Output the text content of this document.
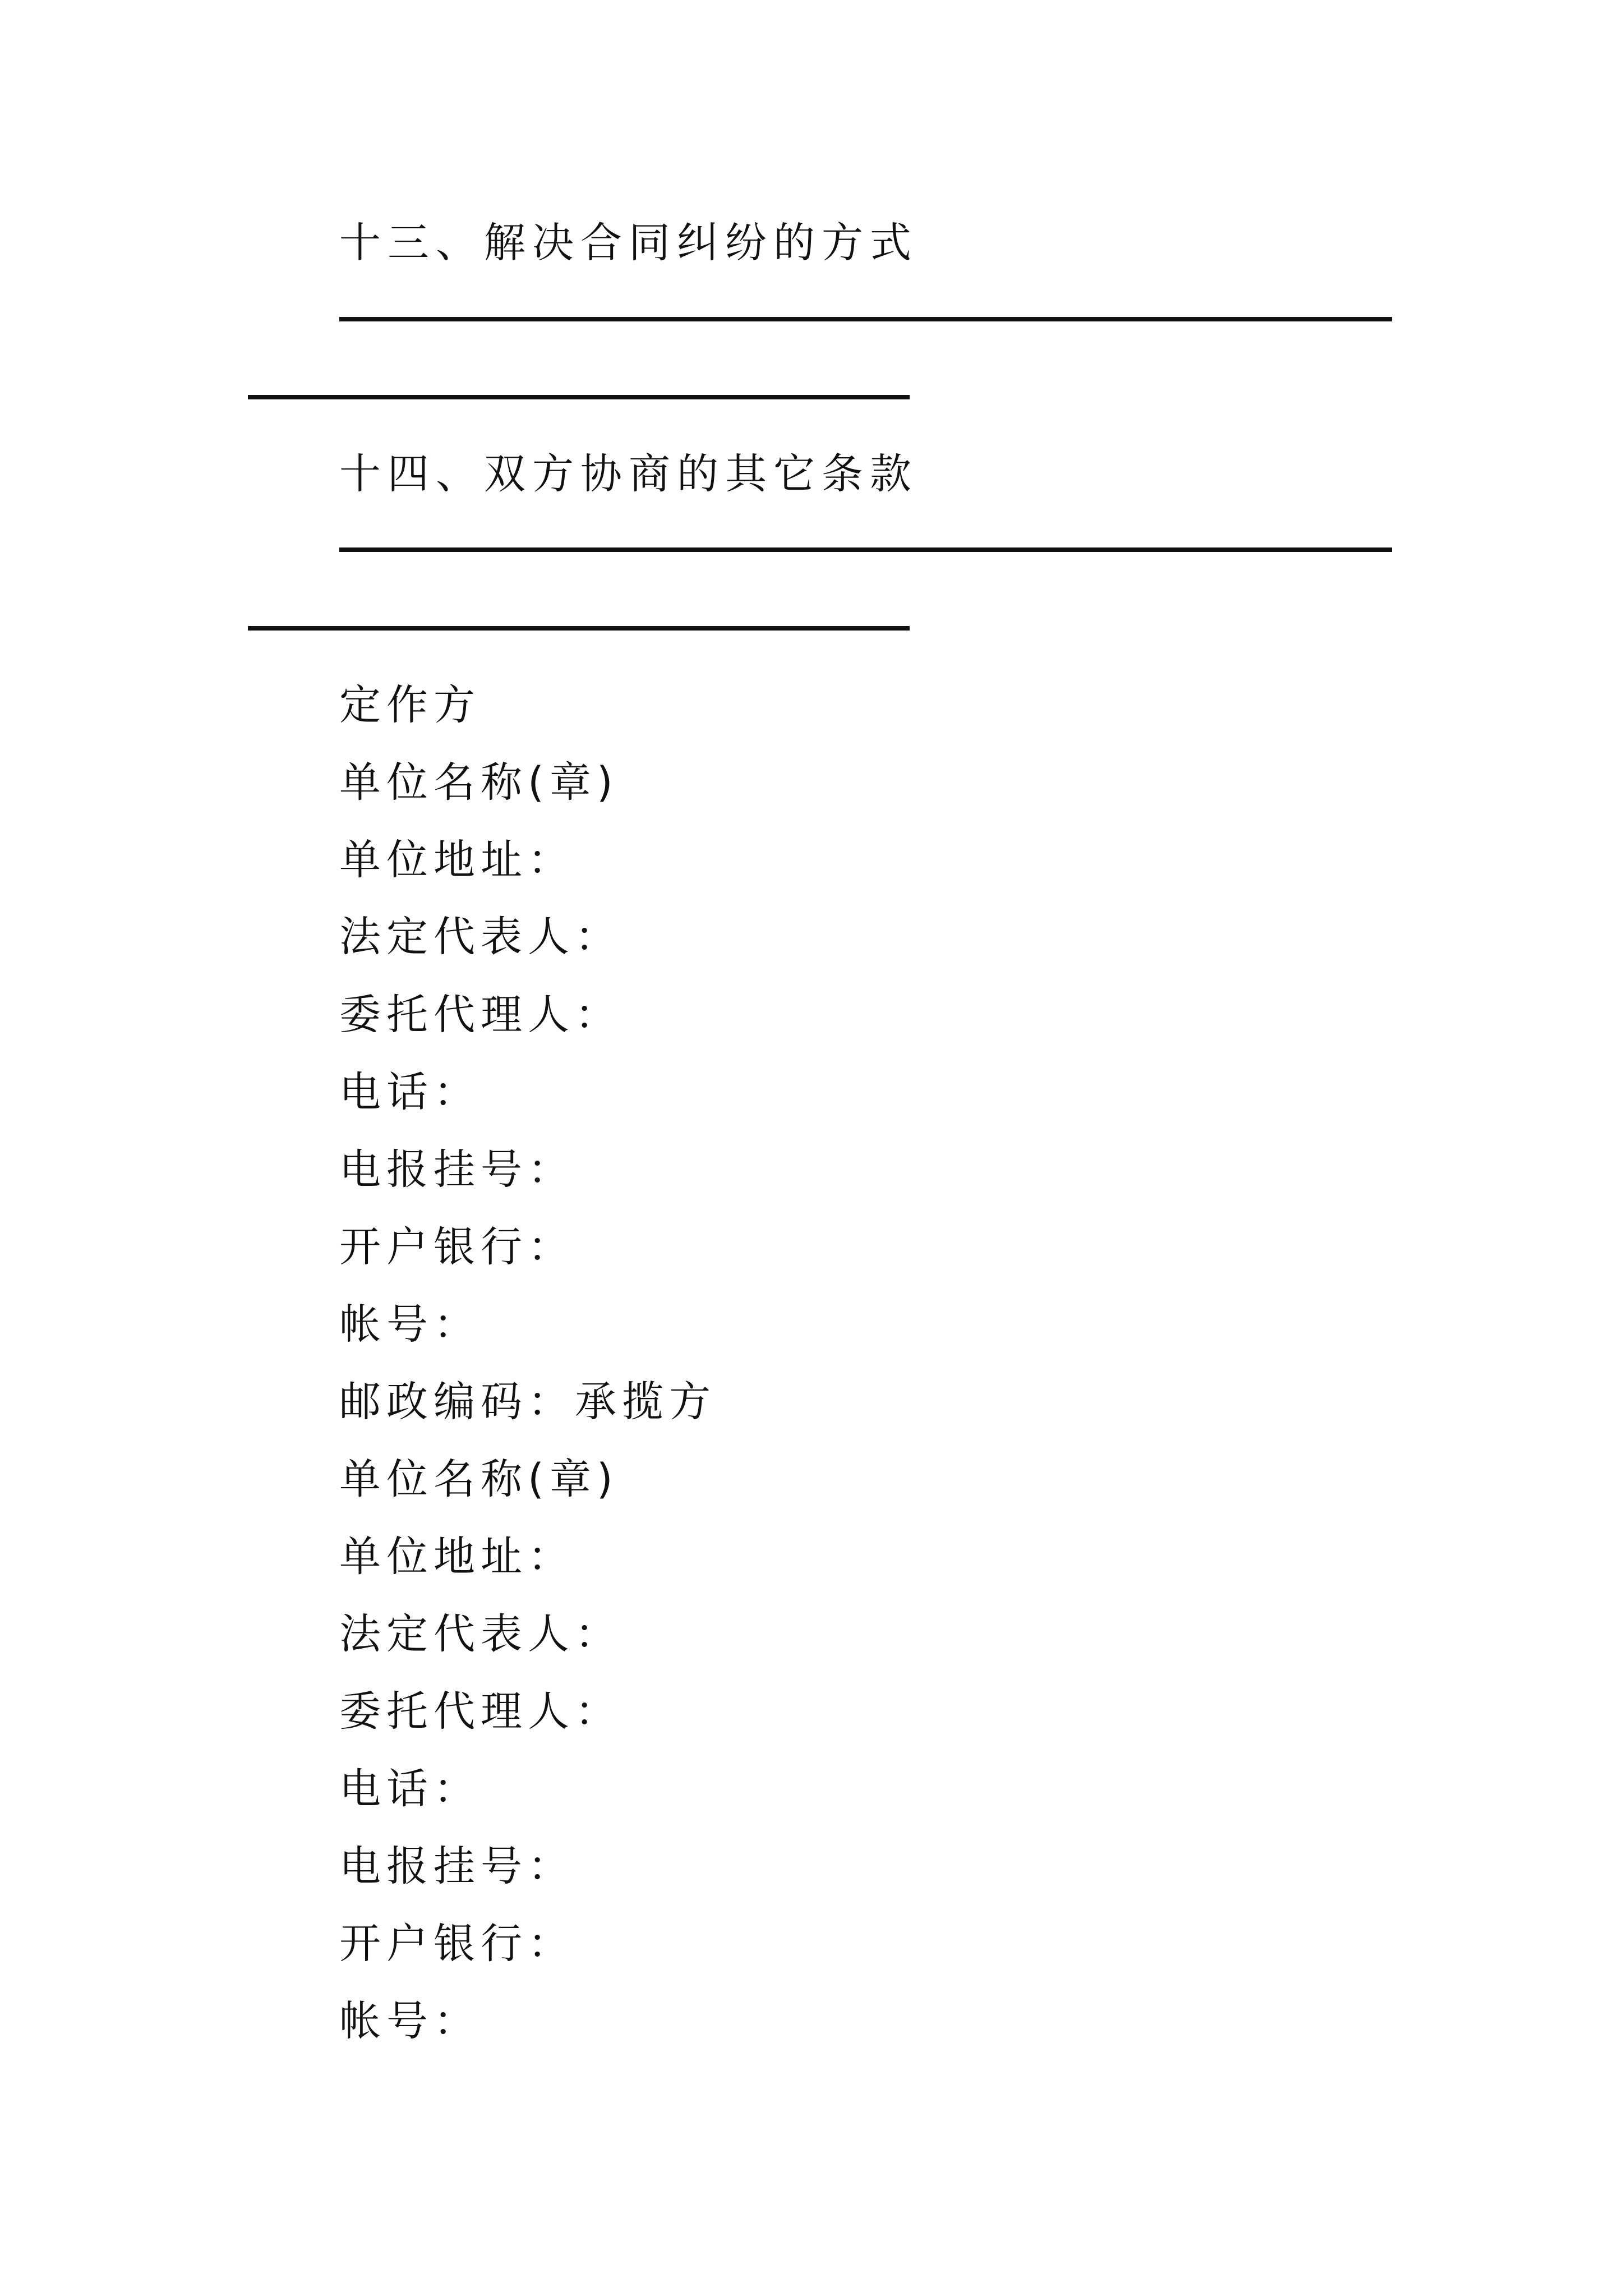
十三、解决合同纠纷的方式
十四、双方协商的其它条款
定作方
单位名称(章)
单位地址：
法定代表人：
委托代理人：
电话：
电报挂号：
开户银行：
帐号：
邮政编码：承揽方
单位名称(章)
单位地址：
法定代表人：
委托代理人：
电话：
电报挂号：
开户银行：
帐号：
